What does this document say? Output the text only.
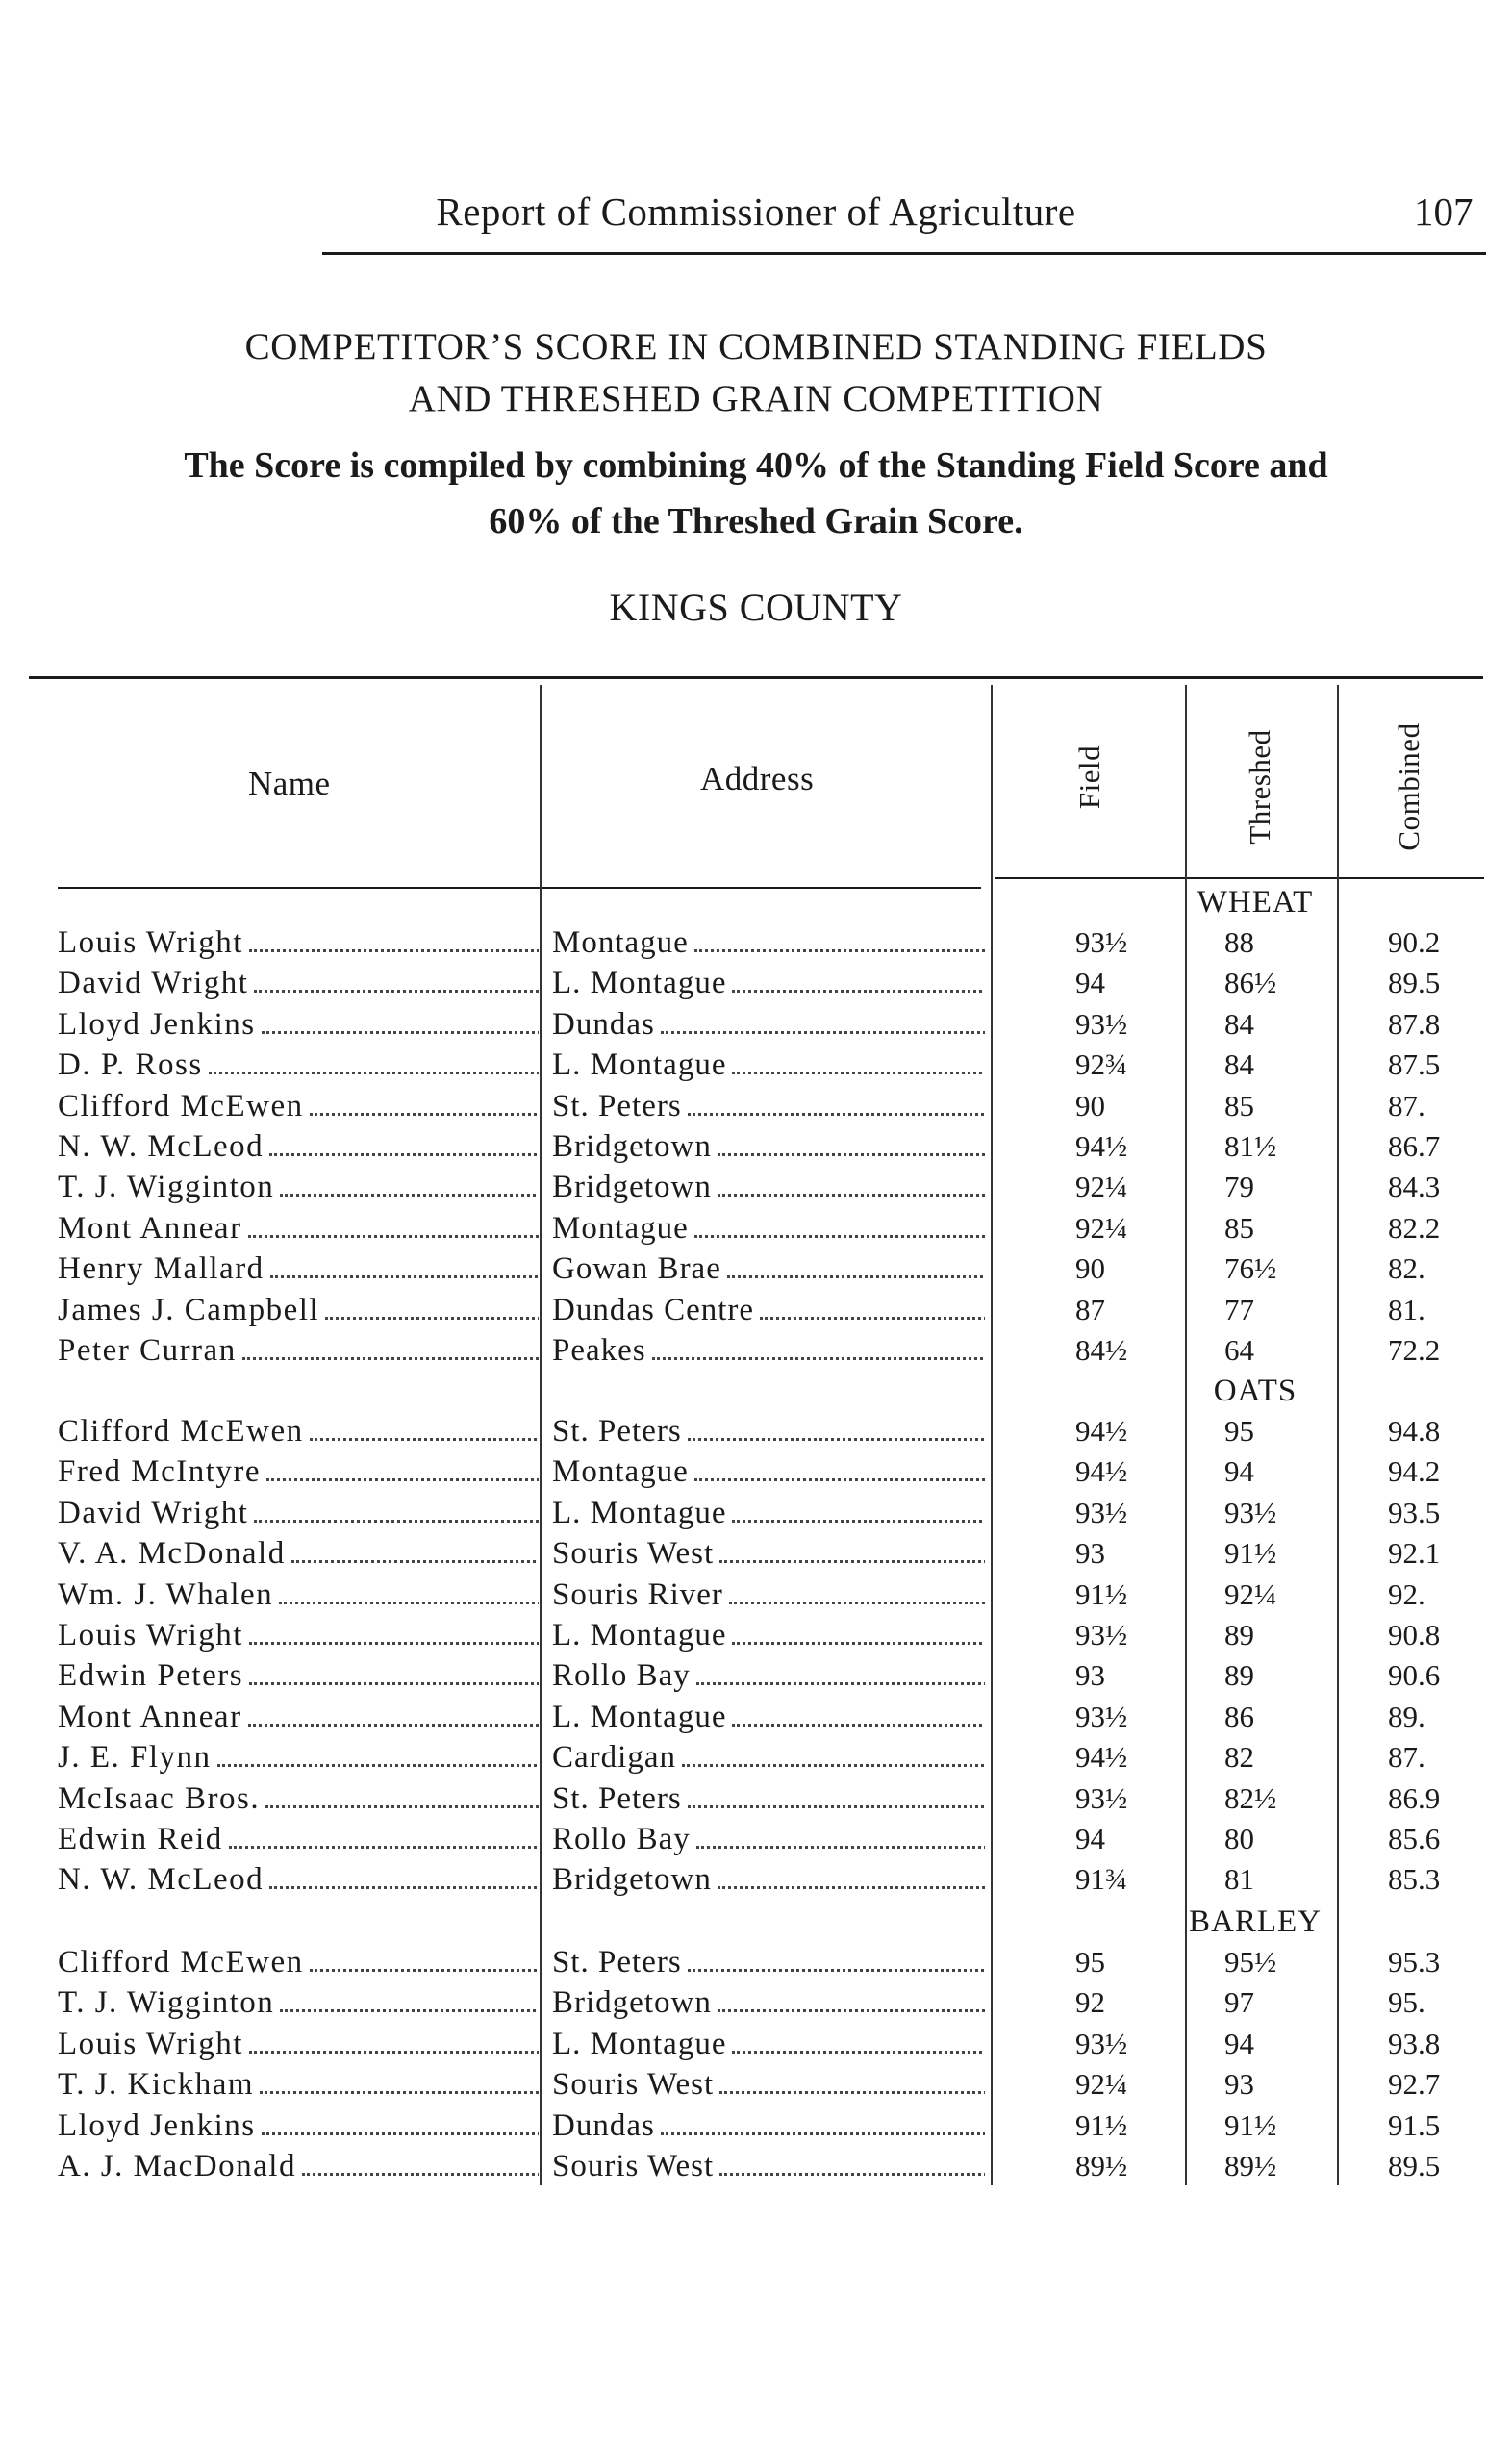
Report of Commissioner of Agriculture	107
COMPETITOR’S SCORE IN COMBINED STANDING FIELDS
AND THRESHED GRAIN COMPETITION
The Score is compiled by combining 40% of the Standing Field Score and
60% of the Threshed Grain Score.
KINGS COUNTY
Name	Address	Field	Threshed	Combined
WHEAT
OATS
BARLEY
Louis Wright	Montague	93½	88	90.2
David Wright	L. Montague	94	86½	89.5
Lloyd Jenkins	Dundas	93½	84	87.8
D. P. Ross	L. Montague	92¾	84	87.5
Clifford McEwen	St. Peters	90	85	87.
N. W. McLeod	Bridgetown	94½	81½	86.7
T. J. Wigginton	Bridgetown	92¼	79	84.3
Mont Annear	Montague	92¼	85	82.2
Henry Mallard	Gowan Brae	90	76½	82.
James J. Campbell	Dundas Centre	87	77	81.
Peter Curran	Peakes	84½	64	72.2
Clifford McEwen	St. Peters	94½	95	94.8
Fred McIntyre	Montague	94½	94	94.2
David Wright	L. Montague	93½	93½	93.5
V. A. McDonald	Souris West	93	91½	92.1
Wm. J. Whalen	Souris River	91½	92¼	92.
Louis Wright	L. Montague	93½	89	90.8
Edwin Peters	Rollo Bay	93	89	90.6
Mont Annear	L. Montague	93½	86	89.
J. E. Flynn	Cardigan	94½	82	87.
McIsaac Bros.	St. Peters	93½	82½	86.9
Edwin Reid	Rollo Bay	94	80	85.6
N. W. McLeod	Bridgetown	91¾	81	85.3
Clifford McEwen	St. Peters	95	95½	95.3
T. J. Wigginton	Bridgetown	92	97	95.
Louis Wright	L. Montague	93½	94	93.8
T. J. Kickham	Souris West	92¼	93	92.7
Lloyd Jenkins	Dundas	91½	91½	91.5
A. J. MacDonald	Souris West	89½	89½	89.5
